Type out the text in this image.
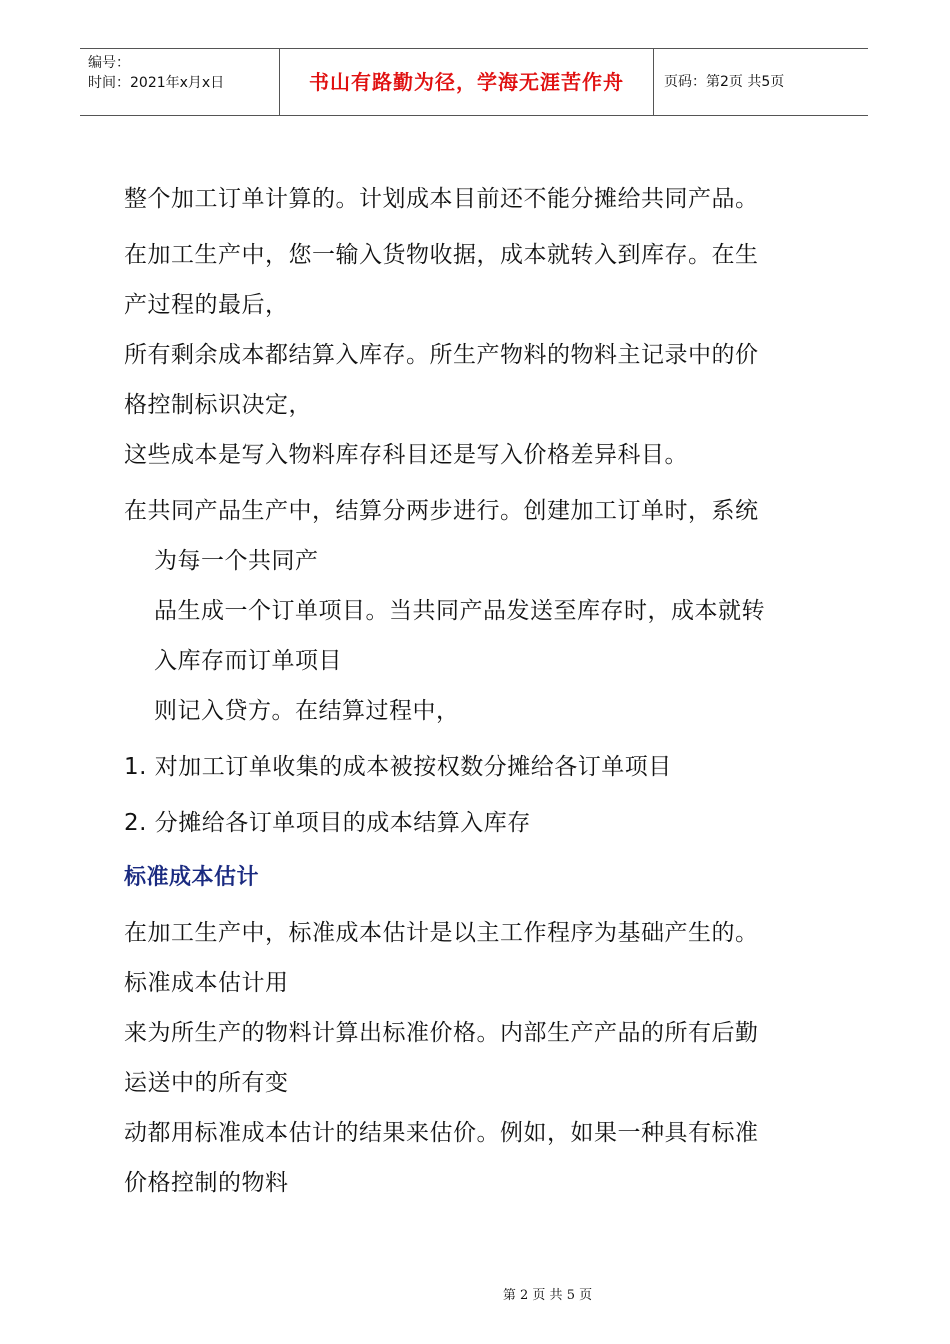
编号：
时间：2021年x月x日	书山有路勤为径，学海无涯苦作舟	页码：第2页 共5页
整个加工订单计算的。计划成本目前还不能分摊给共同产品。
在加工生产中，您一输入货物收据，成本就转入到库存。在生
产过程的最后，
所有剩余成本都结算入库存。所生产物料的物料主记录中的价
格控制标识决定，
这些成本是写入物料库存科目还是写入价格差异科目。
在共同产品生产中，结算分两步进行。创建加工订单时，系统
为每一个共同产
品生成一个订单项目。当共同产品发送至库存时，成本就转
入库存而订单项目
则记入贷方。在结算过程中，
1. 对加工订单收集的成本被按权数分摊给各订单项目
2. 分摊给各订单项目的成本结算入库存
标准成本估计
在加工生产中，标准成本估计是以主工作程序为基础产生的。
标准成本估计用
来为所生产的物料计算出标准价格。内部生产产品的所有后勤
运送中的所有变
动都用标准成本估计的结果来估价。例如，如果一种具有标准
价格控制的物料
第 2 页 共 5 页
